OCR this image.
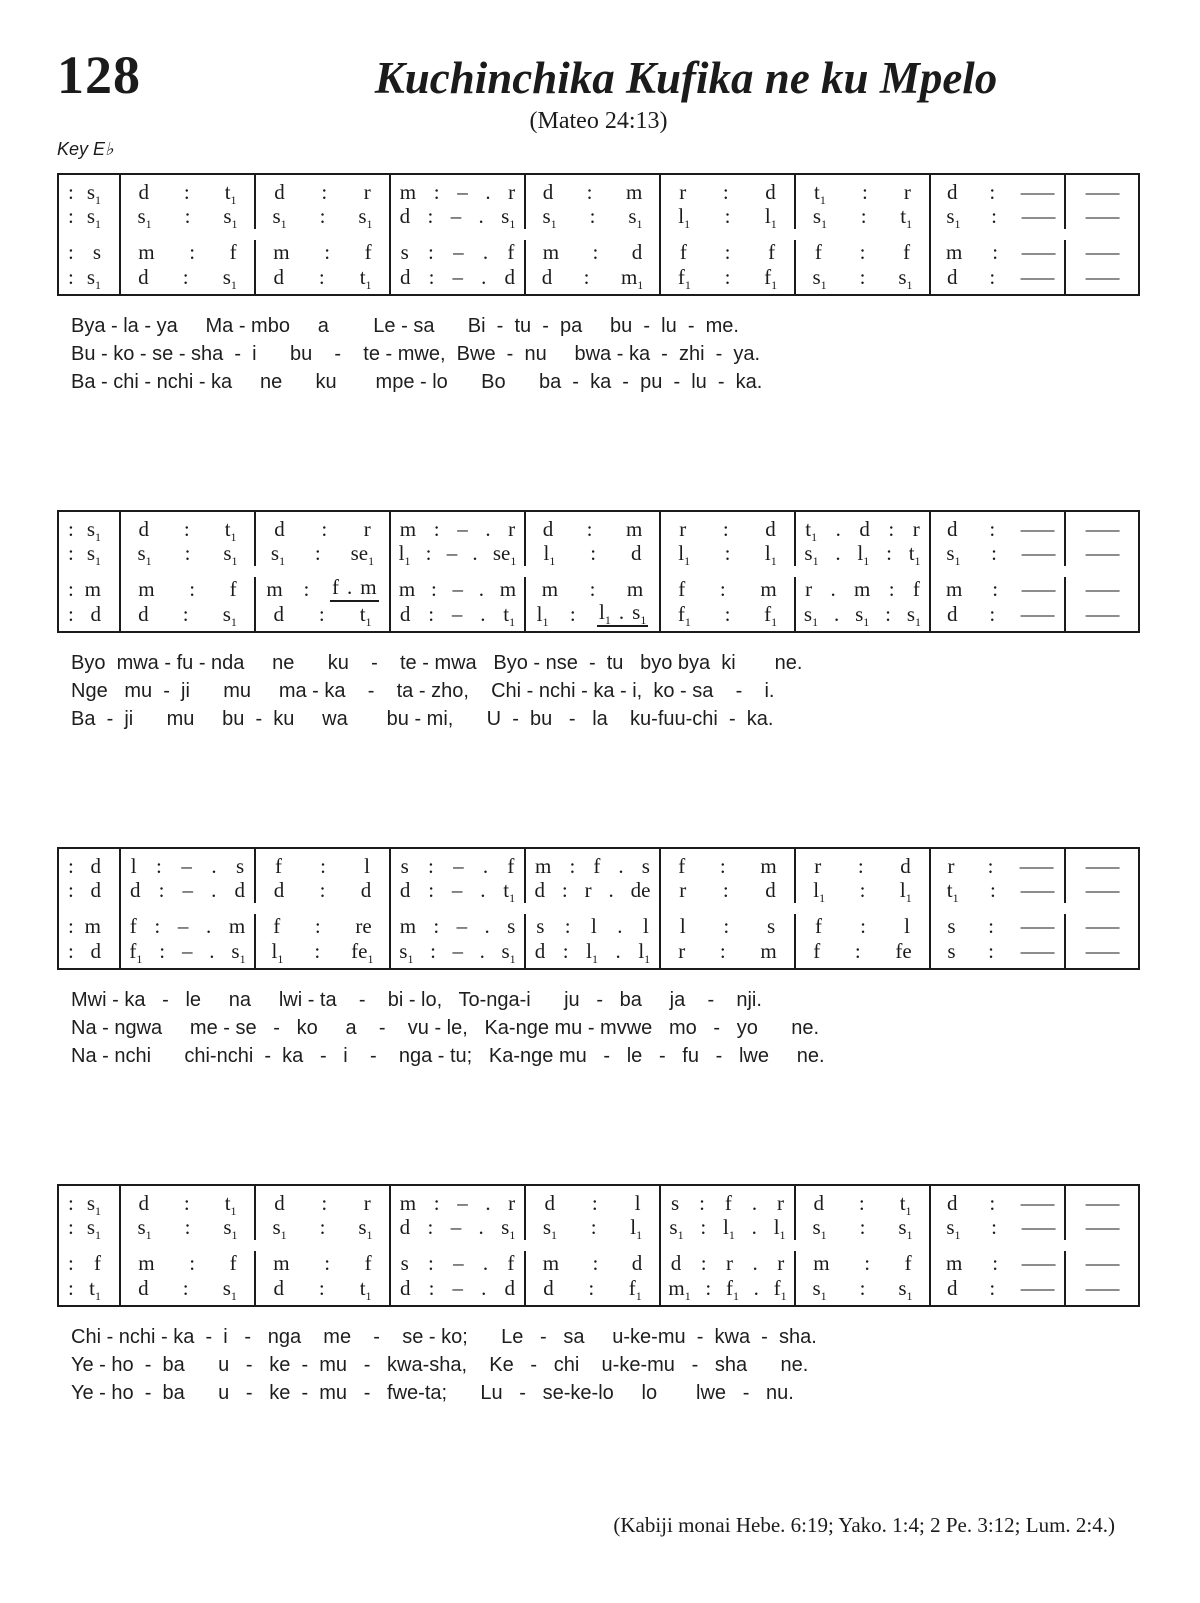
128	Kuchinchika Kufika ne ku Mpelo
(Mateo 24:13)
Key E♭
: $s_1$ d : $t_1$ d : r m : – . r d : m r : d $t_1$ : r d : — —
: $s_1$ $s_1$ : $s_1$ $s_1$ : $s_1$ d : – . $s_1$ $s_1$ : $s_1$ $l_1$ : $l_1$ $s_1$ : $t_1$ $s_1$ : — —
: s m : f m : f s : – . f m : d f : f f : f m : — —
: $s_1$ d : $s_1$ d : $t_1$ d : – . d d : $m_1$ $f_1$ : $f_1$ $s_1$ : $s_1$ d : — —
Bya - la - ya     Ma - mbo     a        Le - sa      Bi  -  tu  -  pa     bu  -  lu  -  me.
Bu - ko - se - sha  -  i      bu    -    te - mwe,  Bwe  -  nu     bwa - ka  -  zhi  -  ya.
Ba - chi - nchi - ka     ne      ku       mpe - lo      Bo      ba  -  ka  -  pu  -  lu  -  ka.
: $s_1$ d : $t_1$ d : r m : – . r d : m r : d $t_1$ . d : r d : — —
: $s_1$ $s_1$ : $s_1$ $s_1$ : $se_1$ $l_1$ : – . $se_1$ $l_1$ : d $l_1$ : $l_1$ $s_1$ . $l_1$ : $t_1$ $s_1$ : — —
: m m : f m : f . m m : – . m m : m f : m r . m : f m : — —
: d d : $s_1$ d : $t_1$ d : – . $t_1$ $l_1$ : $l_1$ . $s_1$ $f_1$ : $f_1$ $s_1$ . $s_1$ : $s_1$ d : — —
Byo  mwa - fu - nda     ne      ku    -    te - mwa   Byo - nse  -  tu   byo bya  ki       ne.
Nge   mu  -  ji      mu     ma - ka    -    ta - zho,    Chi - nchi - ka - i,  ko - sa    -    i.
Ba  -  ji      mu     bu  -  ku     wa       bu - mi,      U  -  bu   -   la    ku-fuu-chi  -  ka.
: d l : – . s f : l s : – . f m : f . s f : m r : d r : — —
: d d : – . d d : d d : – . $t_1$ d : r . de r : d $l_1$ : $l_1$ $t_1$ : — —
: m f : – . m f : re m : – . s s : l . l l : s f : l s : — —
: d $f_1$ : – . $s_1$ $l_1$ : $fe_1$ $s_1$ : – . $s_1$ d : $l_1$ . $l_1$ r : m f : fe s : — —
Mwi - ka   -   le     na     lwi - ta    -    bi - lo,   To-nga-i      ju   -   ba     ja    -    nji.
Na - ngwa     me - se   -   ko     a    -    vu - le,   Ka-nge mu - mvwe   mo   -   yo      ne.
Na - nchi      chi-nchi  -  ka   -   i    -    nga - tu;   Ka-nge mu   -   le   -   fu   -   lwe     ne.
: $s_1$ d : $t_1$ d : r m : – . r d : l s : f . r d : $t_1$ d : — —
: $s_1$ $s_1$ : $s_1$ $s_1$ : $s_1$ d : – . $s_1$ $s_1$ : $l_1$ $s_1$ : $l_1$ . $l_1$ $s_1$ : $s_1$ $s_1$ : — —
: f m : f m : f s : – . f m : d d : r . r m : f m : — —
: $t_1$ d : $s_1$ d : $t_1$ d : – . d d : $f_1$ $m_1$ : $f_1$ . $f_1$ $s_1$ : $s_1$ d : — —
Chi - nchi - ka  -  i   -   nga    me    -    se - ko;      Le   -   sa     u-ke-mu  -  kwa  -  sha.
Ye - ho  -  ba      u   -   ke  -  mu   -   kwa-sha,    Ke   -   chi    u-ke-mu   -   sha      ne.
Ye - ho  -  ba      u   -   ke  -  mu   -   fwe-ta;      Lu   -   se-ke-lo     lo       lwe   -   nu.
(Kabiji monai Hebe. 6:19; Yako. 1:4; 2 Pe. 3:12; Lum. 2:4.)
